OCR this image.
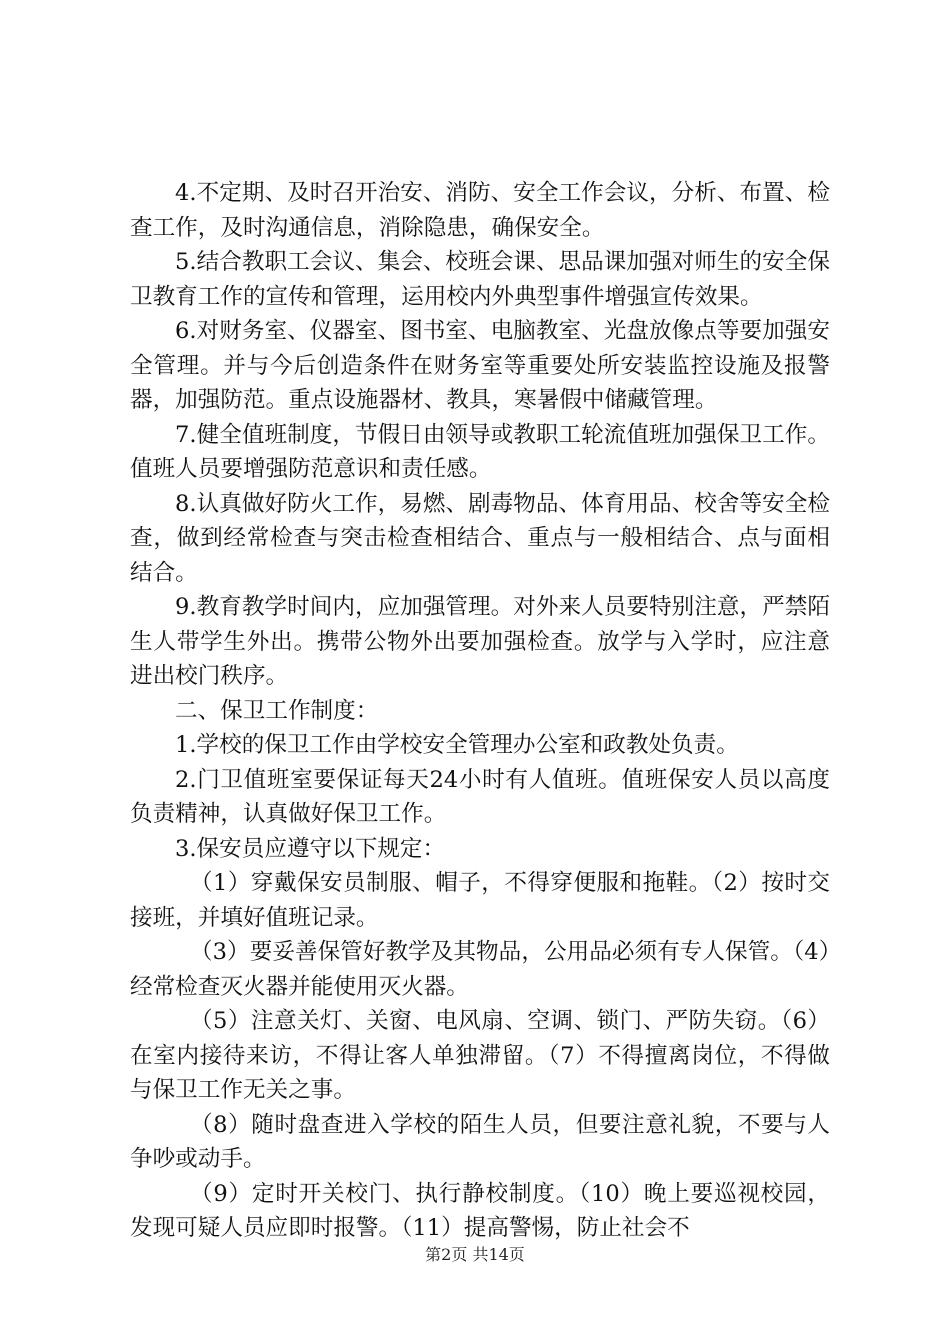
4.不定期、及时召开治安、消防、安全工作会议，分析、布置、检查工作，及时沟通信息，消除隐患，确保安全。

5.结合教职工会议、集会、校班会课、思品课加强对师生的安全保卫教育工作的宣传和管理，运用校内外典型事件增强宣传效果。

6.对财务室、仪器室、图书室、电脑教室、光盘放像点等要加强安全管理。并与今后创造条件在财务室等重要处所安装监控设施及报警器，加强防范。重点设施器材、教具，寒暑假中储藏管理。

7.健全值班制度，节假日由领导或教职工轮流值班加强保卫工作。值班人员要增强防范意识和责任感。

8.认真做好防火工作，易燃、剧毒物品、体育用品、校舍等安全检查，做到经常检查与突击检查相结合、重点与一般相结合、点与面相结合。

9.教育教学时间内，应加强管理。对外来人员要特别注意，严禁陌生人带学生外出。携带公物外出要加强检查。放学与入学时，应注意进出校门秩序。

二、保卫工作制度：

1.学校的保卫工作由学校安全管理办公室和政教处负责。

2.门卫值班室要保证每天24小时有人值班。值班保安人员以高度负责精神，认真做好保卫工作。

3.保安员应遵守以下规定：

（1）穿戴保安员制服、帽子，不得穿便服和拖鞋。（2）按时交接班，并填好值班记录。

（3）要妥善保管好教学及其物品，公用品必须有专人保管。（4）经常检查灭火器并能使用灭火器。

（5）注意关灯、关窗、电风扇、空调、锁门、严防失窃。（6）在室内接待来访，不得让客人单独滞留。（7）不得擅离岗位，不得做与保卫工作无关之事。

（8）随时盘查进入学校的陌生人员，但要注意礼貌，不要与人争吵或动手。

（9）定时开关校门、执行静校制度。（10）晚上要巡视校园，发现可疑人员应即时报警。（11）提高警惕，防止社会不

第2页 共14页
